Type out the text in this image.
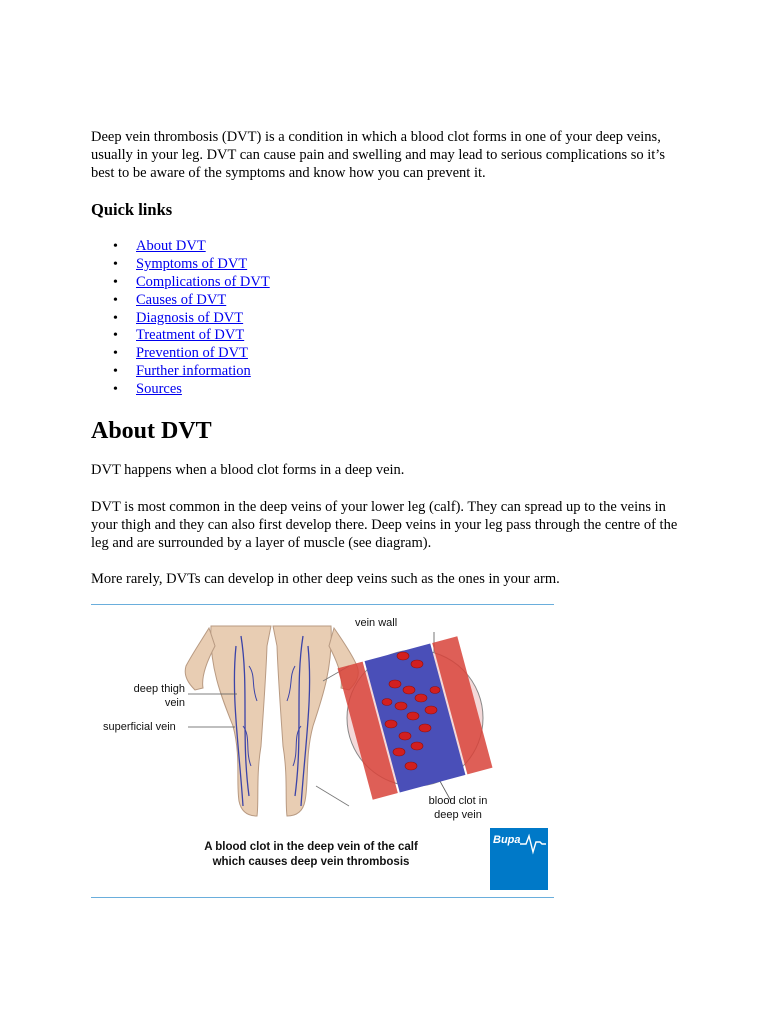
Deep vein thrombosis (DVT) is a condition in which a blood clot forms in one of your deep veins, usually in your leg. DVT can cause pain and swelling and may lead to serious complications so it’s best to be aware of the symptoms and know how you can prevent it.

Quick links
• About DVT
• Symptoms of DVT
• Complications of DVT
• Causes of DVT
• Diagnosis of DVT
• Treatment of DVT
• Prevention of DVT
• Further information
• Sources
About DVT

DVT happens when a blood clot forms in a deep vein.

DVT is most common in the deep veins of your lower leg (calf). They can spread up to the veins in your thigh and they can also first develop there. Deep veins in your leg pass through the centre of the leg and are surrounded by a layer of muscle (see diagram).

More rarely, DVTs can develop in other deep veins such as the ones in your arm.

vein wall
deep thigh
vein
superficial vein
blood clot in
deep vein
A blood clot in the deep vein of the calf
which causes deep vein thrombosis
Bupa
